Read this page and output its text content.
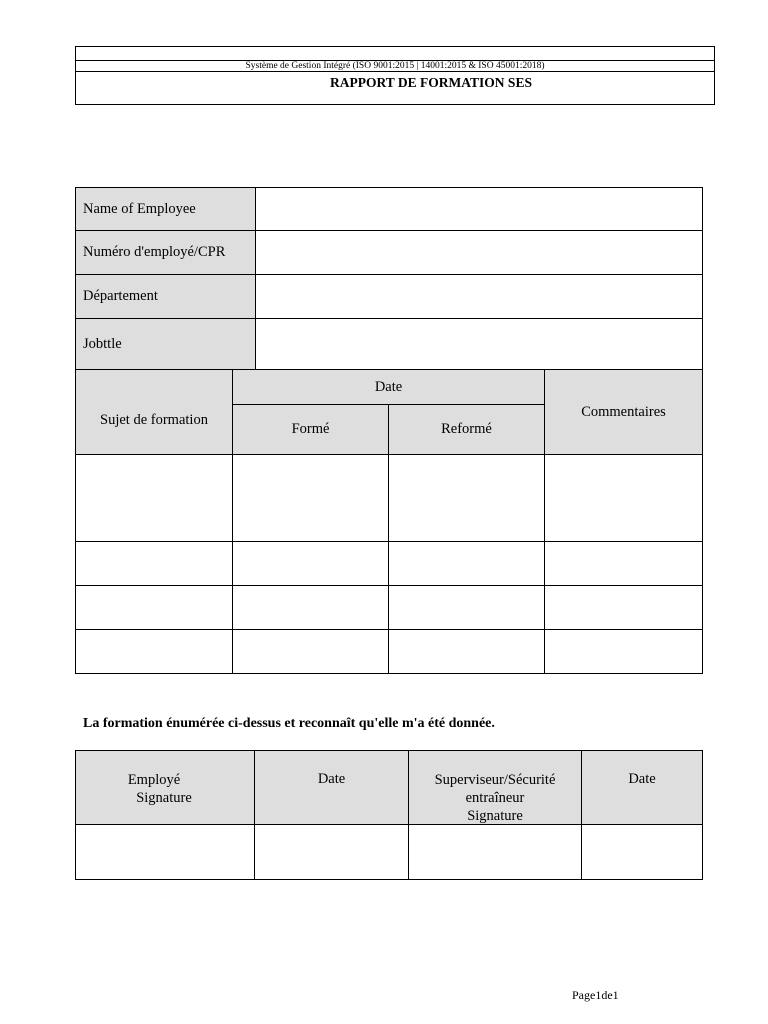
Système de Gestion Intégré (ISO 9001:2015 | 14001:2015 & ISO 45001:2018)
RAPPORT DE FORMATION SES
Name of Employee
Numéro d'employé/CPR
Département
Jobttle
Sujet de formation
Date
Formé	Reformé
Commentaires
La formation énumérée ci-dessus et reconnaît qu'elle m'a été donnée.
Employé
Signature
Date	Superviseur/Sécurité
entraîneur
Signature
Date
Page1de1
